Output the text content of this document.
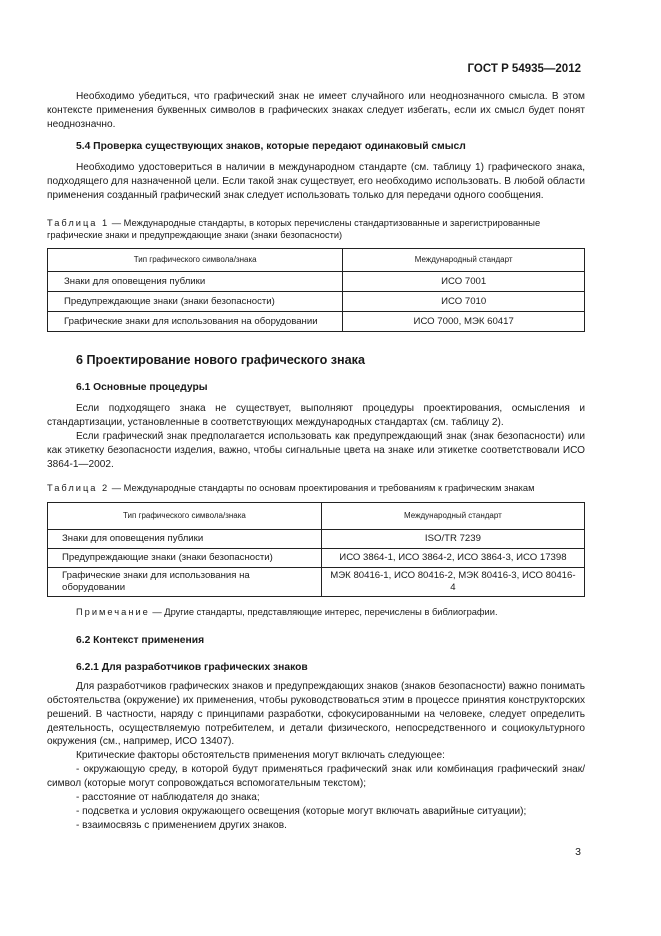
ГОСТ Р 54935—2012

Необходимо убедиться, что графический знак не имеет случайного или неоднозначного смысла. В этом контексте применения буквенных символов в графических знаках следует избегать, если их смысл будет понят неоднозначно.

5.4 Проверка существующих знаков, которые передают одинаковый смысл

Необходимо удостовериться в наличии в международном стандарте (см. таблицу 1) графического знака, подходящего для назначенной цели. Если такой знак существует, его необходимо использовать. В любой области применения созданный графический знак следует использовать только для передачи одного сообщения.

Таблица 1 — Международные стандарты, в которых перечислены стандартизованные и зарегистрированные графические знаки и предупреждающие знаки (знаки безопасности)

Тип графического символа/знака	Международный стандарт
Знаки для оповещения публики	ИСО 7001
Предупреждающие знаки (знаки безопасности)	ИСО 7010
Графические знаки для использования на оборудовании	ИСО 7000, МЭК 60417
6 Проектирование нового графического знака
6.1 Основные процедуры

Если подходящего знака не существует, выполняют процедуры проектирования, осмысления и стандартизации, установленные в соответствующих международных стандартах (см. таблицу 2).

Если графический знак предполагается использовать как предупреждающий знак (знак безопасности) или как этикетку безопасности изделия, важно, чтобы сигнальные цвета на знаке или этикетке соответствовали ИСО 3864-1—2002.

Таблица 2 — Международные стандарты по основам проектирования и требованиям к графическим знакам

Тип графического символа/знака	Международный стандарт
Знаки для оповещения публики	ISO/TR 7239
Предупреждающие знаки (знаки безопасности)	ИСО 3864-1, ИСО 3864-2, ИСО 3864-3, ИСО 17398
Графические знаки для использования на оборудовании	МЭК 80416-1, ИСО 80416-2, МЭК 80416-3, ИСО 80416-4

Примечание — Другие стандарты, представляющие интерес, перечислены в библиографии.

6.2 Контекст применения
6.2.1 Для разработчиков графических знаков

Для разработчиков графических знаков и предупреждающих знаков (знаков безопасности) важно понимать обстоятельства (окружение) их применения, чтобы руководствоваться этим в процессе принятия конструкторских решений. В частности, наряду с принципами разработки, сфокусированными на человеке, следует определить деятельность, осуществляемую потребителем, и детали физического, непосредственного и социокультурного окружения (см., например, ИСО 13407).

Критические факторы обстоятельств применения могут включать следующее:

- окружающую среду, в которой будут применяться графический знак или комбинация графический знак/символ (которые могут сопровождаться вспомогательным текстом);

- расстояние от наблюдателя до знака;

- подсветка и условия окружающего освещения (которые могут включать аварийные ситуации);

- взаимосвязь с применением других знаков.

3
